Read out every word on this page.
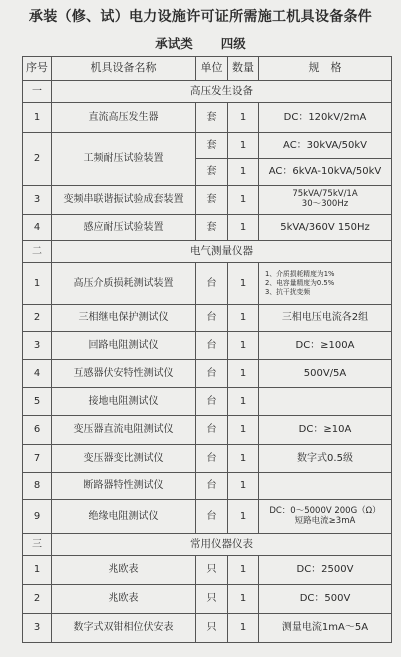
承装（修、试）电力设施许可证所需施工机具设备条件
承试类 四级
序号	机具设备名称	单位	数量	规　格
一	高压发生设备			
1	直流高压发生器	套	1	DC：120kV/2mA
2	工频耐压试验装置	套	1	AC：30kVA/50kV
		套	1	AC：6kVA-10kVA/50kV
3	变频串联谐振试验成套装置	套	1	75kVA/75kV/1A
30～300Hz

4	感应耐压试验装置	套	1	5kVA/360V 150Hz
二	电气测量仪器			
1	高压介质损耗测试装置	台	1	1、介质损耗精度为1%
2、电容量精度为0.5%
3、抗干扰变频

2	三相继电保护测试仪	台	1	三相电压电流各2组
3	回路电阻测试仪	台	1	DC：≥100A
4	互感器伏安特性测试仪	台	1	500V/5A
5	接地电阻测试仪	台	1	
6	变压器直流电阻测试仪	台	1	DC：≥10A
7	变压器变比测试仪	台	1	数字式0.5级
8	断路器特性测试仪	台	1	
9	绝缘电阻测试仪	台	1	DC：0～5000V 200G（Ω）
短路电流≥3mA

三	常用仪器仪表			
1	兆欧表	只	1	DC：2500V
2	兆欧表	只	1	DC：500V
3	数字式双钳相位伏安表	只	1	测量电流1mA～5A
